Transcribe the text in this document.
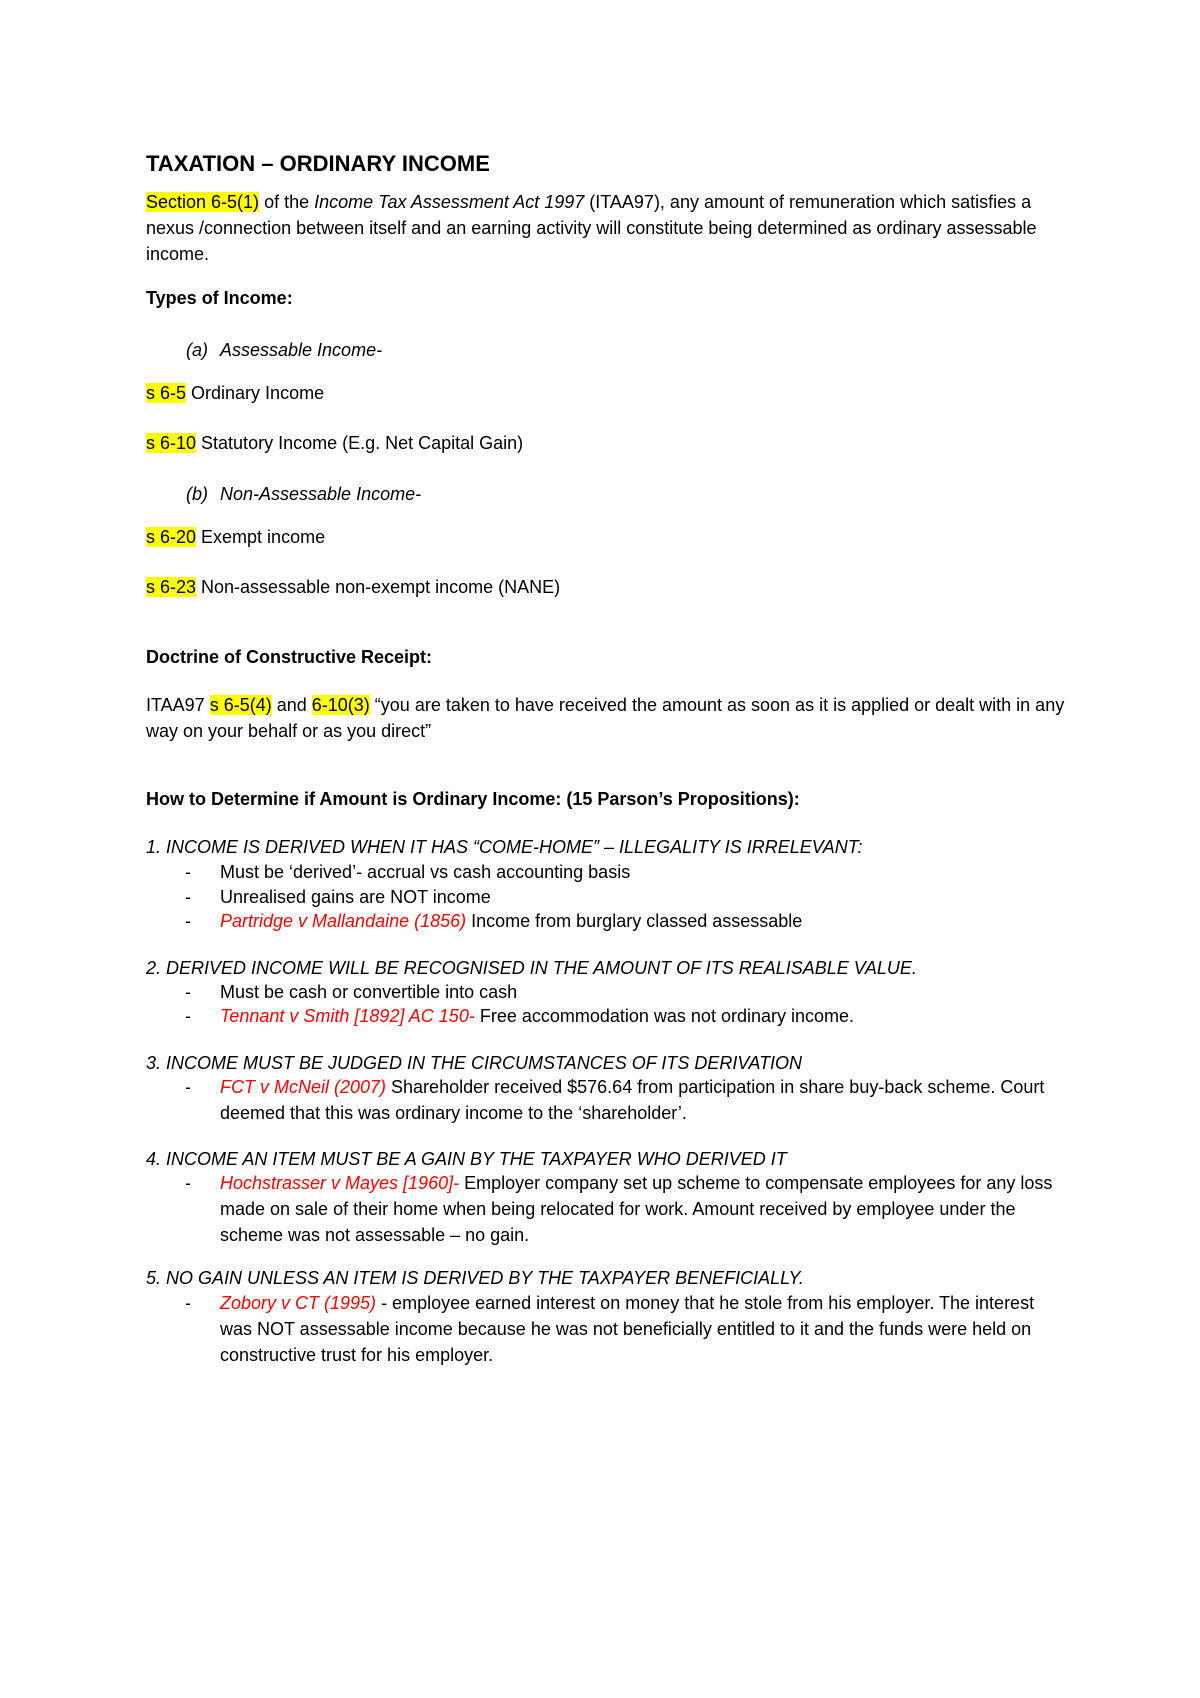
TAXATION – ORDINARY INCOME

Section 6-5(1) of the Income Tax Assessment Act 1997 (ITAA97), any amount of remuneration which satisfies a nexus /connection between itself and an earning activity will constitute being determined as ordinary assessable income.

Types of Income:
(a) Assessable Income-
s 6-5 Ordinary Income
s 6-10 Statutory Income (E.g. Net Capital Gain)
(b) Non-Assessable Income-
s 6-20 Exempt income
s 6-23 Non-assessable non-exempt income (NANE)
Doctrine of Constructive Receipt:

ITAA97 s 6-5(4) and 6-10(3) “you are taken to have received the amount as soon as it is applied or dealt with in any way on your behalf or as you direct”

How to Determine if Amount is Ordinary Income: (15 Parson’s Propositions):
1. INCOME IS DERIVED WHEN IT HAS “COME-HOME” – ILLEGALITY IS IRRELEVANT:
-	Must be ‘derived’- accrual vs cash accounting basis

-	Unrealised gains are NOT income

-	Partridge v Mallandaine (1856) Income from burglary classed assessable

2. DERIVED INCOME WILL BE RECOGNISED IN THE AMOUNT OF ITS REALISABLE VALUE.
-	Must be cash or convertible into cash

-	Tennant v Smith [1892] AC 150- Free accommodation was not ordinary income.

3. INCOME MUST BE JUDGED IN THE CIRCUMSTANCES OF ITS DERIVATION
-	FCT v McNeil (2007) Shareholder received $576.64 from participation in share buy-back scheme. Court deemed that this was ordinary income to the ‘shareholder’.

4. INCOME AN ITEM MUST BE A GAIN BY THE TAXPAYER WHO DERIVED IT
-	Hochstrasser v Mayes [1960]- Employer company set up scheme to compensate employees for any loss made on sale of their home when being relocated for work. Amount received by employee under the scheme was not assessable – no gain.

5. NO GAIN UNLESS AN ITEM IS DERIVED BY THE TAXPAYER BENEFICIALLY.
-	Zobory v CT (1995) - employee earned interest on money that he stole from his employer. The interest was NOT assessable income because he was not beneficially entitled to it and the funds were held on constructive trust for his employer.
